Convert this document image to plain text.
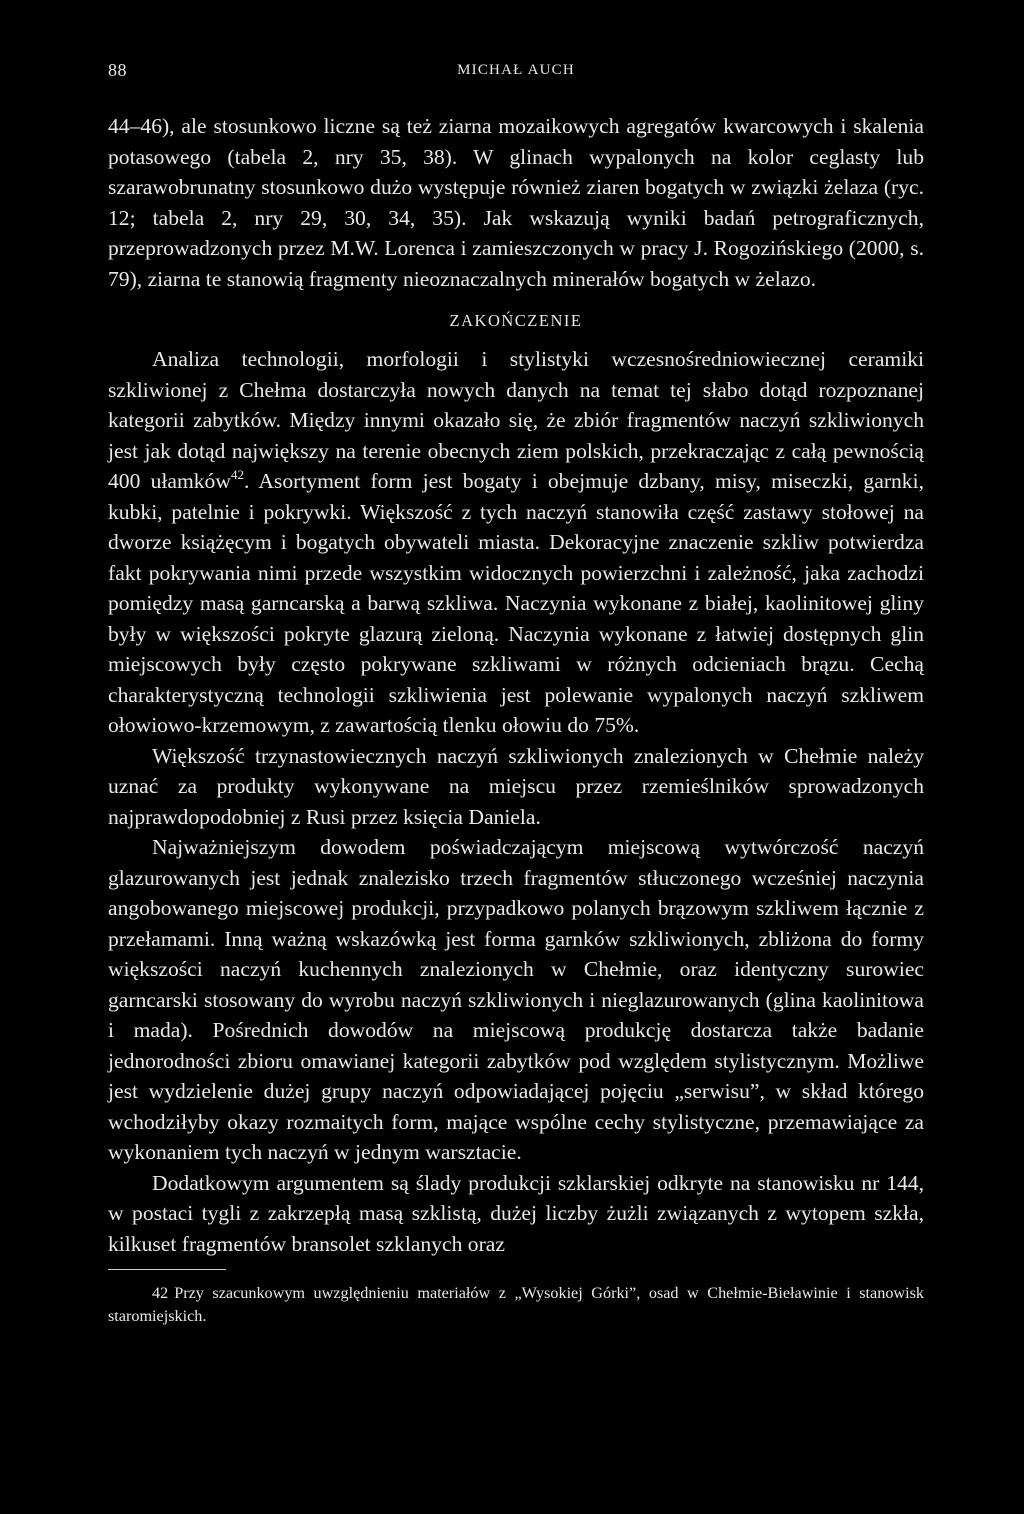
88	MICHAŁ AUCH

44–46), ale stosunkowo liczne są też ziarna mozaikowych agregatów kwarcowych i skalenia potasowego (tabela 2, nry 35, 38). W glinach wypalonych na kolor ceglasty lub szarawobrunatny stosunkowo dużo występuje również ziaren bogatych w związki żelaza (ryc. 12; tabela 2, nry 29, 30, 34, 35). Jak wskazują wyniki badań petrograficznych, przeprowadzonych przez M.W. Lorenca i zamieszczonych w pracy J. Rogozińskiego (2000, s. 79), ziarna te stanowią fragmenty nieoznaczalnych minerałów bogatych w żelazo.

ZAKOŃCZENIE

Analiza technologii, morfologii i stylistyki wczesnośredniowiecznej ceramiki szkliwionej z Chełma dostarczyła nowych danych na temat tej słabo dotąd rozpoznanej kategorii zabytków. Między innymi okazało się, że zbiór fragmentów naczyń szkliwionych jest jak dotąd największy na terenie obecnych ziem polskich, przekraczając z całą pewnością 400 ułamków$^{42}$. Asortyment form jest bogaty i obejmuje dzbany, misy, miseczki, garnki, kubki, patelnie i pokrywki. Większość z tych naczyń stanowiła część zastawy stołowej na dworze książęcym i bogatych obywateli miasta. Dekoracyjne znaczenie szkliw potwierdza fakt pokrywania nimi przede wszystkim widocznych powierzchni i zależność, jaka zachodzi pomiędzy masą garncarską a barwą szkliwa. Naczynia wykonane z białej, kaolinitowej gliny były w większości pokryte glazurą zieloną. Naczynia wykonane z łatwiej dostępnych glin miejscowych były często pokrywane szkliwami w różnych odcieniach brązu. Cechą charakterystyczną technologii szkliwienia jest polewanie wypalonych naczyń szkliwem ołowiowo-krzemowym, z zawartością tlenku ołowiu do 75%.

Większość trzynastowiecznych naczyń szkliwionych znalezionych w Chełmie należy uznać za produkty wykonywane na miejscu przez rzemieślników sprowadzonych najprawdopodobniej z Rusi przez księcia Daniela.

Najważniejszym dowodem poświadczającym miejscową wytwórczość naczyń glazurowanych jest jednak znalezisko trzech fragmentów stłuczonego wcześniej naczynia angobowanego miejscowej produkcji, przypadkowo polanych brązowym szkliwem łącznie z przełamami. Inną ważną wskazówką jest forma garnków szkliwionych, zbliżona do formy większości naczyń kuchennych znalezionych w Chełmie, oraz identyczny surowiec garncarski stosowany do wyrobu naczyń szkliwionych i nieglazurowanych (glina kaolinitowa i mada). Pośrednich dowodów na miejscową produkcję dostarcza także badanie jednorodności zbioru omawianej kategorii zabytków pod względem stylistycznym. Możliwe jest wydzielenie dużej grupy naczyń odpowiadającej pojęciu „serwisu”, w skład którego wchodziłyby okazy rozmaitych form, mające wspólne cechy stylistyczne, przemawiające za wykonaniem tych naczyń w jednym warsztacie.

Dodatkowym argumentem są ślady produkcji szklarskiej odkryte na stanowisku nr 144, w postaci tygli z zakrzepłą masą szklistą, dużej liczby żużli związanych z wytopem szkła, kilkuset fragmentów bransolet szklanych oraz

42 Przy szacunkowym uwzględnieniu materiałów z „Wysokiej Górki”, osad w Chełmie-Bieławinie i stanowisk staromiejskich.
